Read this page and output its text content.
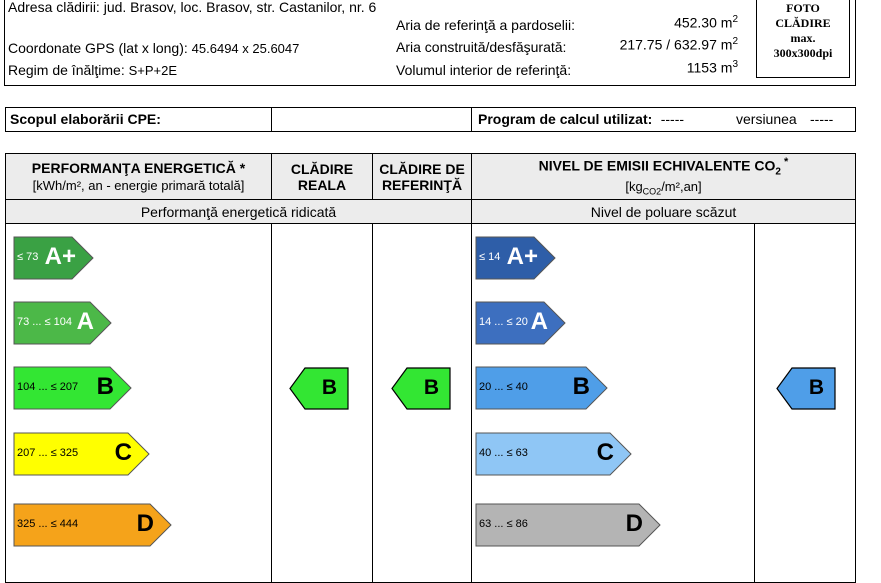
Adresa clădirii: jud. Brasov, loc. Brasov, str. Castanilor, nr. 6
Coordonate GPS (lat x long): 45.6494 x 25.6047
Regim de înălţime: S+P+2E
Aria de referinţă a pardoselii:	452.30 $m^2$
Aria construită/desfăşurată:	217.75 / 632.97 $m^2$
Volumul interior de referinţă:	1153 $m^3$
FOTO
CLĂDIRE
max.
300x300dpi
Scopul elaborării CPE:	Program de calcul utilizat: -----	versiunea -----
PERFORMANŢA ENERGETICĂ *
[kWh/m², an - energie primară totală]
CLĂDIRE
REALA
CLĂDIRE DE
REFERINŢĂ
NIVEL DE EMISII ECHIVALENTE $CO_2$ *
$[kg_{CO2}/m^2,an]$
Performanţă energetică ridicată	Nivel de poluare scăzut
≤ 73 A+
73 ... ≤ 104 A
104 ... ≤ 207 B
207 ... ≤ 325 C
325 ... ≤ 444 D
≤ 14 A+
14 ... ≤ 20 A
20 ... ≤ 40 B
40 ... ≤ 63	C
63 ... ≤ 86	D
B	B	B
